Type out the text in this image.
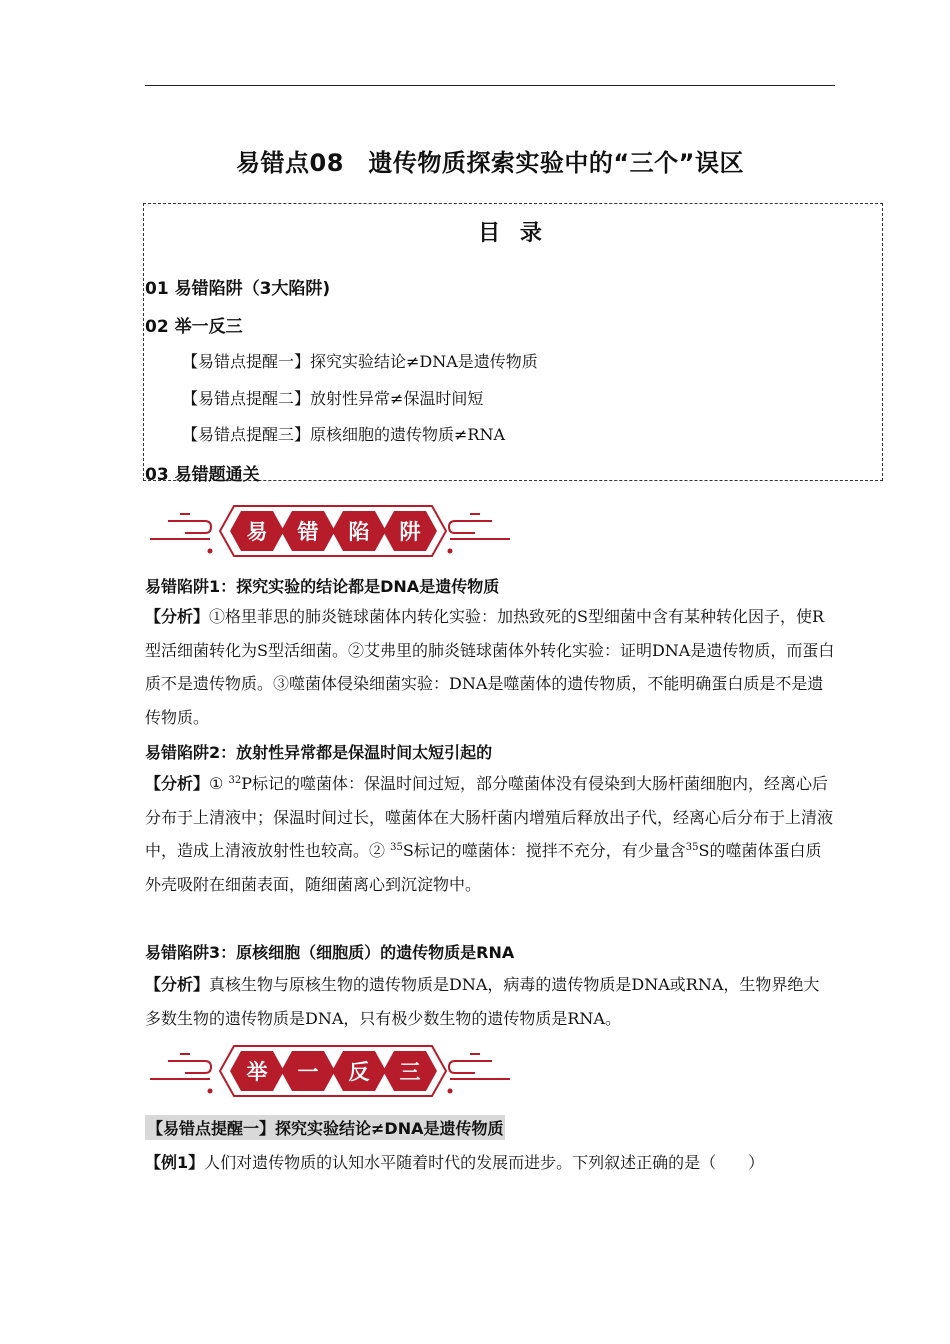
易错点08　遗传物质探索实验中的“三个”误区
目 录
01 易错陷阱（3大陷阱)
02 举一反三
【易错点提醒一】探究实验结论≠DNA是遗传物质
【易错点提醒二】放射性异常≠保温时间短
【易错点提醒三】原核细胞的遗传物质≠RNA
03 易错题通关
易 错 陷 阱
易错陷阱1：探究实验的结论都是DNA是遗传物质
【分析】①格里菲思的肺炎链球菌体内转化实验：加热致死的S型细菌中含有某种转化因子，使R型活细菌转化为S型活细菌。②艾弗里的肺炎链球菌体外转化实验：证明DNA是遗传物质，而蛋白质不是遗传物质。③噬菌体侵染细菌实验：DNA是噬菌体的遗传物质，不能明确蛋白质是不是遗传物质。
易错陷阱2：放射性异常都是保温时间太短引起的
【分析】① $^{32}$P标记的噬菌体：保温时间过短，部分噬菌体没有侵染到大肠杆菌细胞内，经离心后分布于上清液中；保温时间过长，噬菌体在大肠杆菌内增殖后释放出子代，经离心后分布于上清液中，造成上清液放射性也较高。② $^{35}$S标记的噬菌体：搅拌不充分，有少量含$^{35}$S的噬菌体蛋白质外壳吸附在细菌表面，随细菌离心到沉淀物中。
易错陷阱3：原核细胞（细胞质）的遗传物质是RNA
【分析】真核生物与原核生物的遗传物质是DNA，病毒的遗传物质是DNA或RNA，生物界绝大多数生物的遗传物质是DNA，只有极少数生物的遗传物质是RNA。
举 一 反 三
【易错点提醒一】探究实验结论≠DNA是遗传物质
【例1】人们对遗传物质的认知水平随着时代的发展而进步。下列叙述正确的是（　　）
